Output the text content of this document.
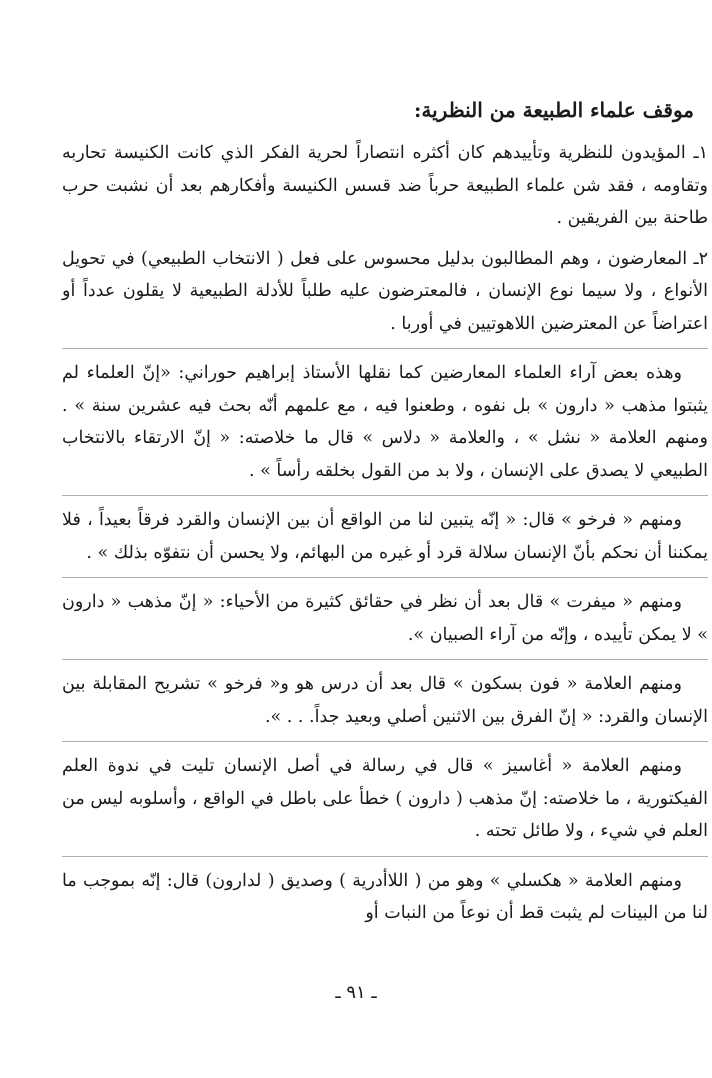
موقف علماء الطبيعة من النظرية:

١ـ المؤيدون للنظرية وتأييدهم كان أكثره انتصاراً لحرية الفكر الذي كانت الكنيسة تحاربه وتقاومه ، فقد شن علماء الطبيعة حرباً ضد قسس الكنيسة وأفكارهم بعد أن نشبت حرب طاحنة بين الفريقين .

٢ـ المعارضون ، وهم المطالبون بدليل محسوس على فعل ( الانتخاب الطبيعي) في تحويل الأنواع ، ولا سيما نوع الإنسان ، فالمعترضون عليه طلباً للأدلة الطبيعية لا يقلون عدداً أو اعتراضاً عن المعترضين اللاهوتيين في أوربا .

وهذه بعض آراء العلماء المعارضين كما نقلها الأستاذ إبراهيم حوراني: «إنّ العلماء لم يثبتوا مذهب « دارون » بل نفوه ، وطعنوا فيه ، مع علمهم أنّه بحث فيه عشرين سنة » . ومنهم العلامة « نشل » ، والعلامة « دلاس » قال ما خلاصته: « إنّ الارتقاء بالانتخاب الطبيعي لا يصدق على الإنسان ، ولا بد من القول بخلقه رأساً » .

ومنهم « فرخو » قال: « إنّه يتبين لنا من الواقع أن بين الإنسان والقرد فرقاً بعيداً ، فلا يمكننا أن نحكم بأنّ الإنسان سلالة قرد أو غيره من البهائم، ولا يحسن أن نتفوّه بذلك » .

ومنهم « ميفرت » قال بعد أن نظر في حقائق كثيرة من الأحياء: « إنّ مذهب « دارون » لا يمكن تأييده ، وإنّه من آراء الصبيان ».

ومنهم العلامة « فون بسكون » قال بعد أن درس هو و« فرخو » تشريح المقابلة بين الإنسان والقرد: « إنّ الفرق بين الاثنين أصلي وبعيد جداً. . . ».

ومنهم العلامة « أغاسيز » قال في رسالة في أصل الإنسان تليت في ندوة العلم الفيكتورية ، ما خلاصته: إنّ مذهب ( دارون ) خطأ على باطل في الواقع ، وأسلوبه ليس من العلم في شيء ، ولا طائل تحته .

ومنهم العلامة « هكسلي » وهو من ( اللاأدرية ) وصديق ( لدارون) قال: إنّه بموجب ما لنا من البينات لم يثبت قط أن نوعاً من النبات أو

ـ ٩١ ـ
